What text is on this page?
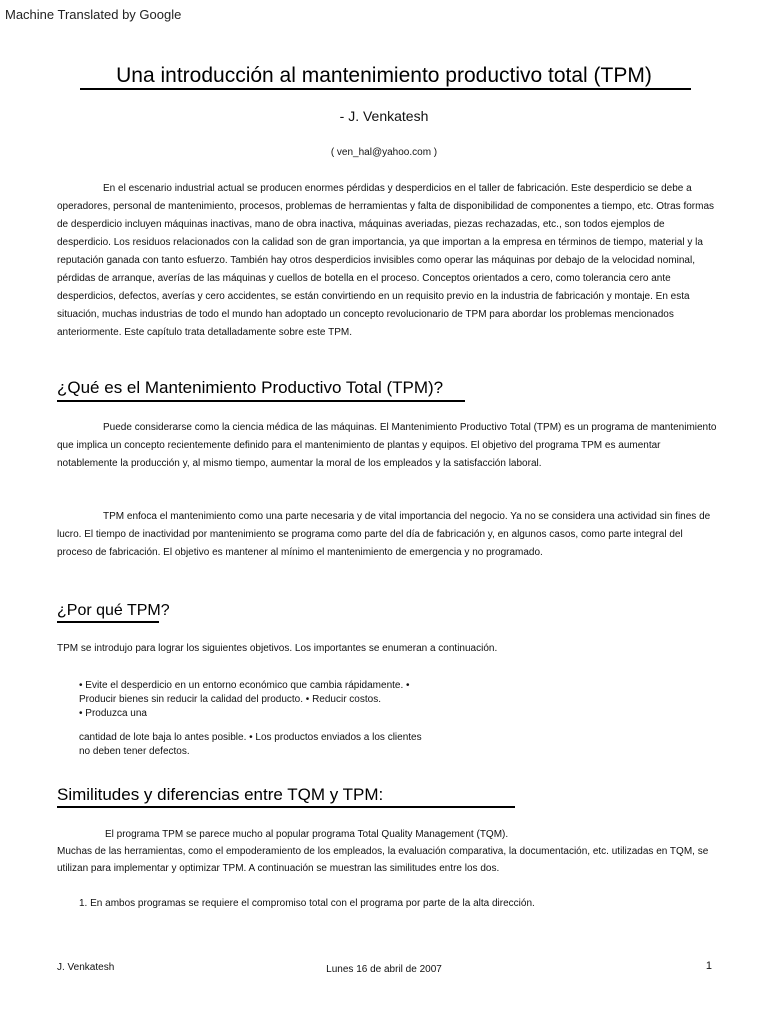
Machine Translated by Google
Una introducción al mantenimiento productivo total (TPM)
- J. Venkatesh
( ven_hal@yahoo.com )
En el escenario industrial actual se producen enormes pérdidas y desperdicios en el taller de fabricación. Este desperdicio se debe a operadores, personal de mantenimiento, procesos, problemas de herramientas y falta de disponibilidad de componentes a tiempo, etc. Otras formas de desperdicio incluyen máquinas inactivas, mano de obra inactiva, máquinas averiadas, piezas rechazadas, etc., son todos ejemplos de desperdicio. Los residuos relacionados con la calidad son de gran importancia, ya que importan a la empresa en términos de tiempo, material y la reputación ganada con tanto esfuerzo. También hay otros desperdicios invisibles como operar las máquinas por debajo de la velocidad nominal, pérdidas de arranque, averías de las máquinas y cuellos de botella en el proceso. Conceptos orientados a cero, como tolerancia cero ante desperdicios, defectos, averías y cero accidentes, se están convirtiendo en un requisito previo en la industria de fabricación y montaje. En esta situación, muchas industrias de todo el mundo han adoptado un concepto revolucionario de TPM para abordar los problemas mencionados anteriormente. Este capítulo trata detalladamente sobre este TPM.
¿Qué es el Mantenimiento Productivo Total (TPM)?
Puede considerarse como la ciencia médica de las máquinas. El Mantenimiento Productivo Total (TPM) es un programa de mantenimiento que implica un concepto recientemente definido para el mantenimiento de plantas y equipos. El objetivo del programa TPM es aumentar notablemente la producción y, al mismo tiempo, aumentar la moral de los empleados y la satisfacción laboral.
TPM enfoca el mantenimiento como una parte necesaria y de vital importancia del negocio. Ya no se considera una actividad sin fines de lucro. El tiempo de inactividad por mantenimiento se programa como parte del día de fabricación y, en algunos casos, como parte integral del proceso de fabricación. El objetivo es mantener al mínimo el mantenimiento de emergencia y no programado.
¿Por qué TPM?
TPM se introdujo para lograr los siguientes objetivos. Los importantes se enumeran a continuación.
• Evite el desperdicio en un entorno económico que cambia rápidamente. •
Producir bienes sin reducir la calidad del producto. • Reducir costos.
• Produzca una
cantidad de lote baja lo antes posible. • Los productos enviados a los clientes
no deben tener defectos.
Similitudes y diferencias entre TQM y TPM:
El programa TPM se parece mucho al popular programa Total Quality Management (TQM).
Muchas de las herramientas, como el empoderamiento de los empleados, la evaluación comparativa, la documentación, etc. utilizadas en TQM, se utilizan para implementar y optimizar TPM. A continuación se muestran las similitudes entre los dos.
1. En ambos programas se requiere el compromiso total con el programa por parte de la alta dirección.
J. Venkatesh	Lunes 16 de abril de 2007	1
